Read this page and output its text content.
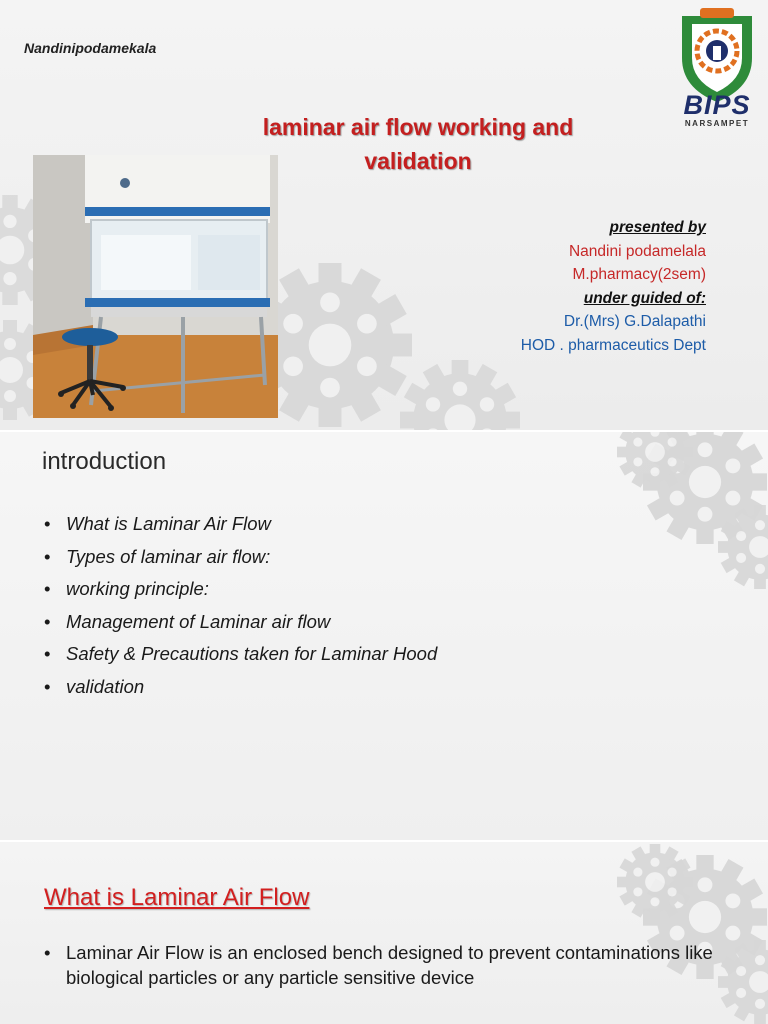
Nandinipodamekala
laminar air flow working and validation
BIPS
NARSAMPET
presented by
Nandini podamelala
M.pharmacy(2sem)
under guided of:
Dr.(Mrs) G.Dalapathi
HOD . pharmaceutics Dept
introduction
• What is Laminar Air Flow
• Types of laminar air flow:
• working principle:
• Management of Laminar air flow
• Safety & Precautions taken for Laminar Hood
• validation
What is Laminar Air Flow
• Laminar Air Flow is an enclosed bench designed to prevent contaminations like biological particles or any particle sensitive device
